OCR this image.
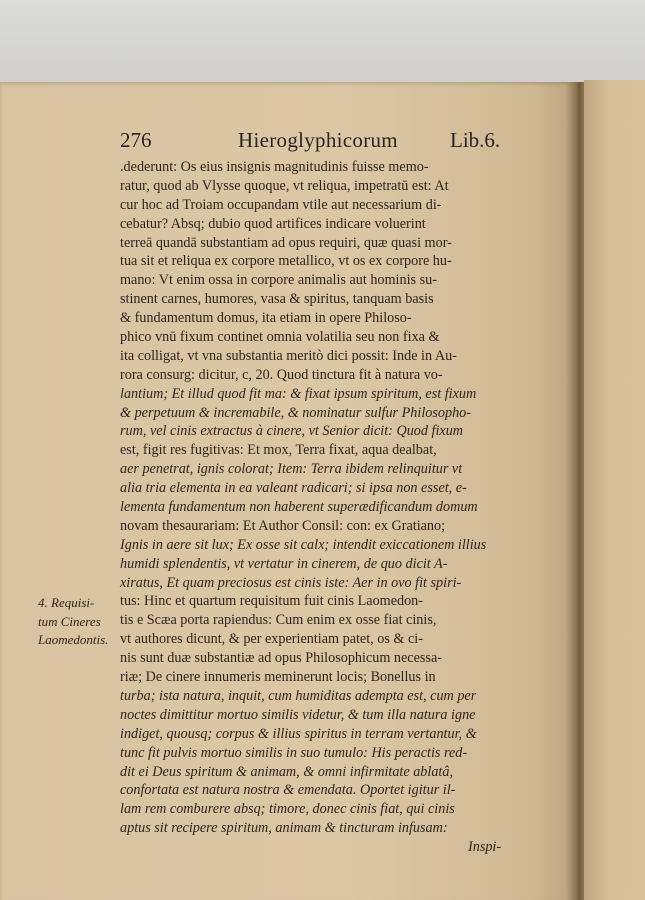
276	Hieroglyphicorum Lib.6.
.dederunt: Os eius insignis magnitudinis fuisse memo-
ratur, quod ab Vlysse quoque, vt reliqua, impetratū est: At
cur hoc ad Troiam occupandam vtile aut necessarium di-
cebatur? Absq; dubio quod artifices indicare voluerint
terreā quandā substantiam ad opus requiri, quæ quasi mor-
tua sit et reliqua ex corpore metallico, vt os ex corpore hu-
mano: Vt enim ossa in corpore animalis aut hominis su-
stinent carnes, humores, vasa & spiritus, tanquam basis
& fundamentum domus, ita etiam in opere Philoso-
phico vnū fixum continet omnia volatilia seu non fixa &
ita colligat, vt vna substantia meritò dici possit: Inde in Au-
rora consurg: dicitur, c, 20. Quod tinctura fit à natura vo-
lantium; Et illud quod fit ma: & fixat ipsum spiritum, est fixum
& perpetuum & incremabile, & nominatur sulfur Philosopho-
rum, vel cinis extractus à cinere, vt Senior dicit: Quod fixum
est, figit res fugitivas: Et mox, Terra fixat, aqua dealbat,
aer penetrat, ignis colorat; Item: Terra ibidem relinquitur vt
alia tria elementa in ea valeant radicari; si ipsa non esset, e-
lementa fundamentum non haberent superædificandum domum
novam thesaurariam: Et Author Consil: con: ex Gratiano;
Ignis in aere sit lux; Ex osse sit calx; intendit exiccationem illius
humidi splendentis, vt vertatur in cinerem, de quo dicit A-
xiratus, Et quam preciosus est cinis iste: Aer in ovo fit spiri-
tus: Hinc et quartum requisitum fuit cinis Laomedon-
tis e Scæa porta rapiendus: Cum enim ex osse fiat cinis,
vt authores dicunt, & per experientiam patet, os & ci-
nis sunt duæ substantiæ ad opus Philosophicum necessa-
riæ; De cinere innumeris meminerunt locis; Bonellus in
turba; ista natura, inquit, cum humiditas adempta est, cum per
noctes dimittitur mortuo similis videtur, & tum illa natura igne
indiget, quousq; corpus & illius spiritus in terram vertantur, &
tunc fit pulvis mortuo similis in suo tumulo: His peractis red-
dit ei Deus spiritum & animam, & omni infirmitate ablatâ,
confortata est natura nostra & emendata. Oportet igitur il-
lam rem comburere absq; timore, donec cinis fiat, qui cinis
aptus sit recipere spiritum, animam & tincturam infusam:
Inspi-
4. Requisi-
tum Cineres
Laomedontis.
